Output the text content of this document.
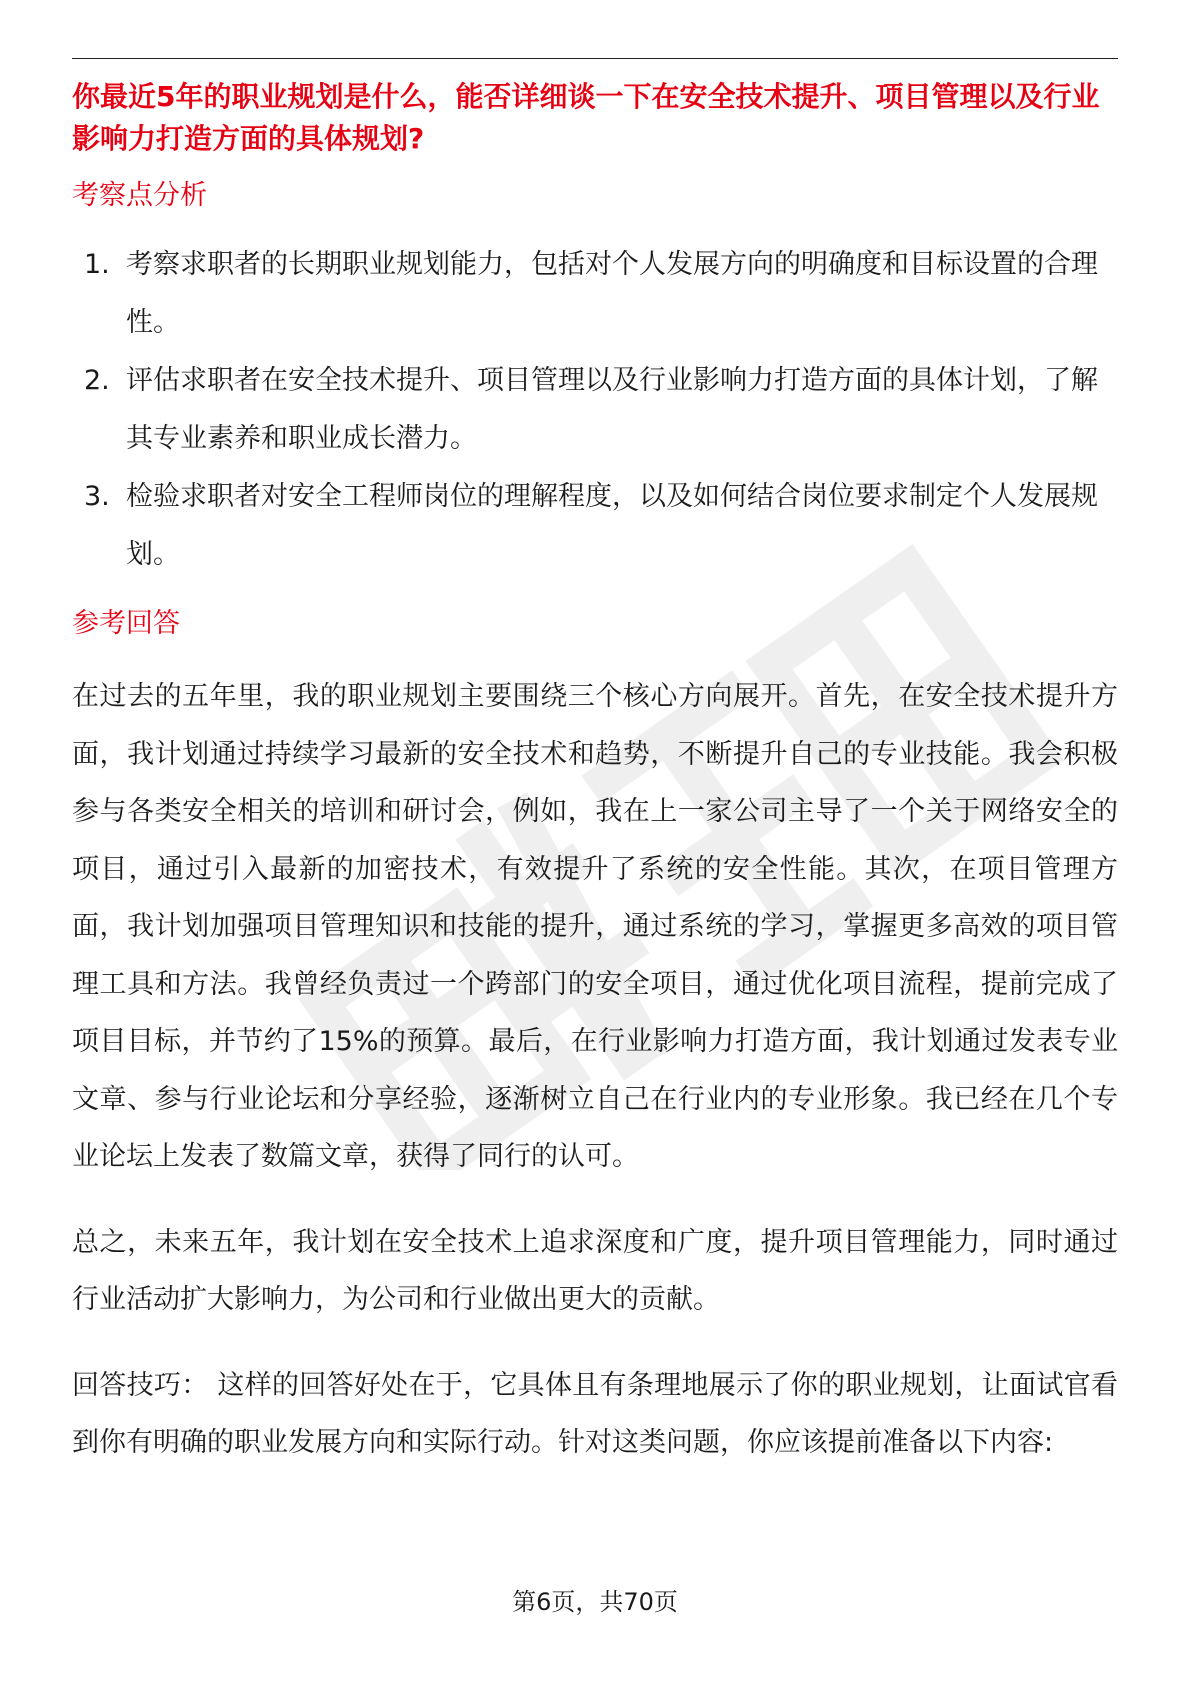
你最近5年的职业规划是什么，能否详细谈一下在安全技术提升、项目管理以及行业影响力打造方面的具体规划?

考察点分析

1. 考察求职者的长期职业规划能力，包括对个人发展方向的明确度和目标设置的合理性。
2. 评估求职者在安全技术提升、项目管理以及行业影响力打造方面的具体计划，了解其专业素养和职业成长潜力。
3. 检验求职者对安全工程师岗位的理解程度，以及如何结合岗位要求制定个人发展规划。

参考回答

在过去的五年里，我的职业规划主要围绕三个核心方向展开。首先，在安全技术提升方面，我计划通过持续学习最新的安全技术和趋势，不断提升自己的专业技能。我会积极参与各类安全相关的培训和研讨会，例如，我在上一家公司主导了一个关于网络安全的项目，通过引入最新的加密技术，有效提升了系统的安全性能。其次，在项目管理方面，我计划加强项目管理知识和技能的提升，通过系统的学习，掌握更多高效的项目管理工具和方法。我曾经负责过一个跨部门的安全项目，通过优化项目流程，提前完成了项目目标，并节约了15%的预算。最后，在行业影响力打造方面，我计划通过发表专业文章、参与行业论坛和分享经验，逐渐树立自己在行业内的专业形象。我已经在几个专业论坛上发表了数篇文章，获得了同行的认可。

总之，未来五年，我计划在安全技术上追求深度和广度，提升项目管理能力，同时通过行业活动扩大影响力，为公司和行业做出更大的贡献。

回答技巧： 这样的回答好处在于，它具体且有条理地展示了你的职业规划，让面试官看到你有明确的职业发展方向和实际行动。针对这类问题，你应该提前准备以下内容:

第6页，共70页
